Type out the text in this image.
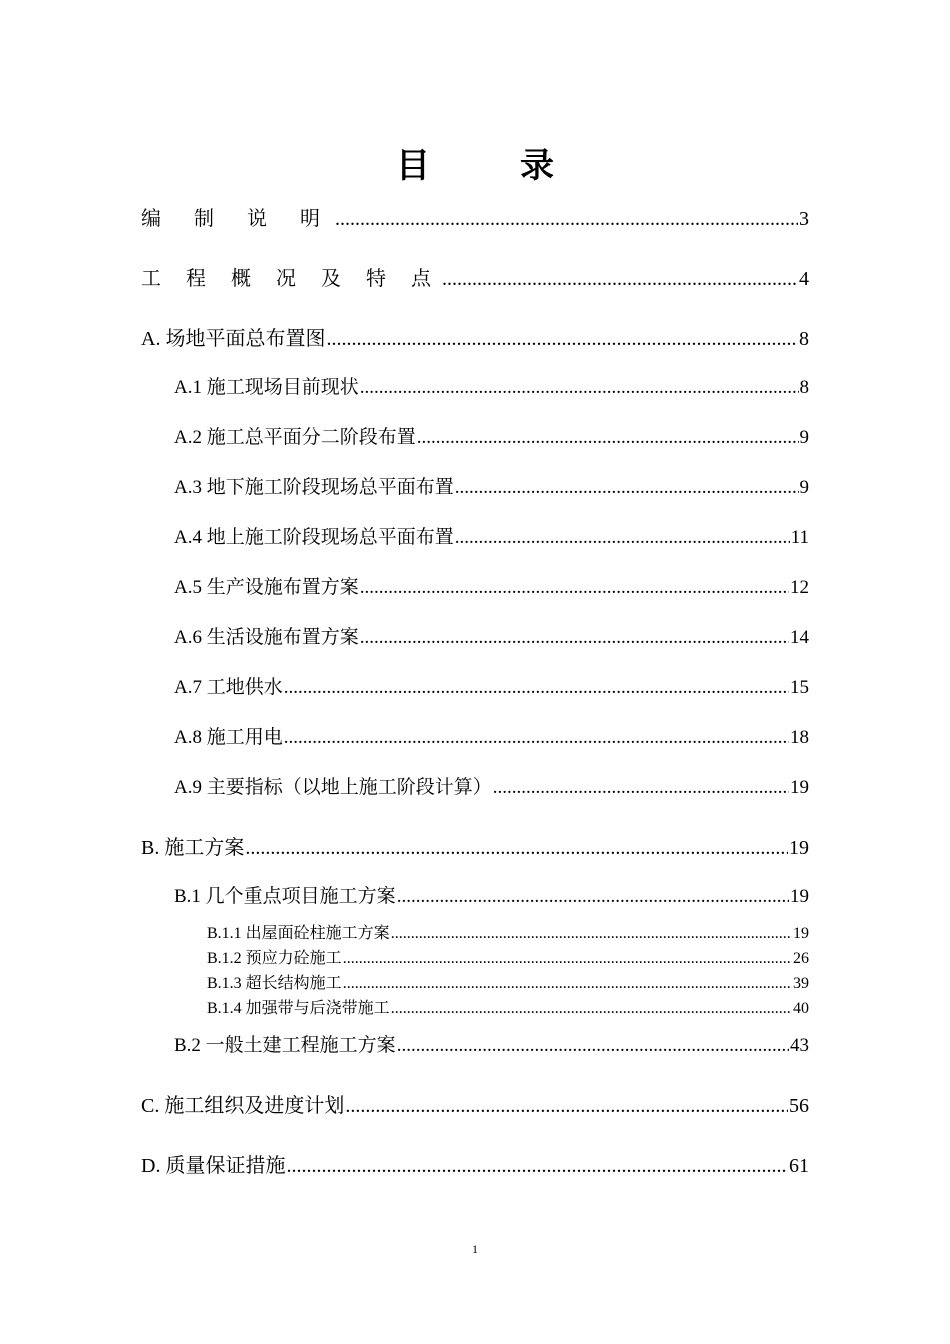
目	录
编 制 说 明 .....	3
工 程 概 况 及 特 点 .....	4
A. 场地平面总布置图 .....	8
A.1 施工现场目前现状 .....	8
A.2 施工总平面分二阶段布置 .....	9
A.3 地下施工阶段现场总平面布置 .....	9
A.4 地上施工阶段现场总平面布置 .....	11
A.5 生产设施布置方案 .....	12
A.6 生活设施布置方案 .....	14
A.7 工地供水 .....	15
A.8 施工用电 .....	18
A.9 主要指标（以地上施工阶段计算） .....	19
B. 施工方案 .....	19
B.1 几个重点项目施工方案 .....	19
B.1.1 出屋面砼柱施工方案 .....	19
B.1.2 预应力砼施工 .....	26
B.1.3 超长结构施工 .....	39
B.1.4 加强带与后浇带施工 .....	40
B.2 一般土建工程施工方案 .....	43
C. 施工组织及进度计划 .....	56
D. 质量保证措施 .....	61
1
